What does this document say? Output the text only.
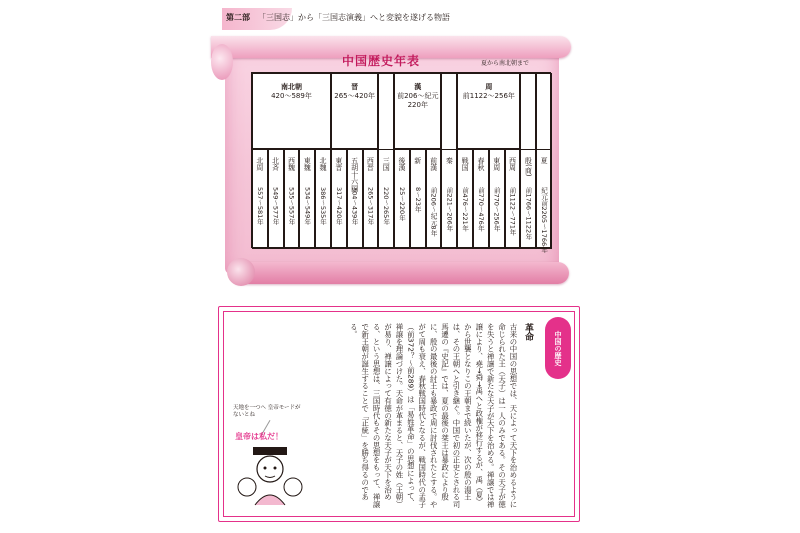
第二部 「三国志」から「三国志演義」へと変貌を遂げる物語
中国歴史年表	夏から南北朝まで
南北朝
420〜589年
晋
265〜420年
漢
前206〜紀元220年
周
前1122〜256年
北周
557〜581年
北斉
549〜577年
西魏
535〜557年
東魏
534〜549年
北魏
386〜535年
東晋
317〜420年
五胡十六国
304〜439年
西晋
265〜317年
三国
220〜265年
後漢
25〜220年
新
8〜23年
前漢
前206〜紀元8年
秦
前221〜206年
戦国
前476〜221年
春秋
前770〜476年
東周
前770〜256年
西周
前1122〜771年
殷(商)
前1766〜1122年
夏
紀元前2205〜1766年
中国の歴史
革命
古来の中国の思想では、天によって天下を治めるように命じられた王（天子）は一人のみである。その天子が徳を失うと禅譲で新たな天子が天下を治める。禅譲では禅譲により、堯→舜→禹へと政権が移行するが、禹（夏）から世襲となりこの王朝まで続いたが、次の殷の湯王は、その王朝へと引き継ぐ。中国で初の正史とされる司馬遷の『史記』では、夏の最後の桀王は暴政により殷に、殷の最後の紂王も暴政で周に討伐されたとする。やがて周も衰え、春秋戦国時代となるが、戦国時代の孟子（前372？〜前289）は「易姓革命」の思想によって、禅譲を理論づけた。天命が革まると、天子の姓（王朝）が易り、禅譲によって有徳の新たな天子が天下を治める、という思想は、三国時代もその思想をもって、禅譲で新王朝が誕生することで「正統」を勝ち得るのである。
天地を一つへ 皇帝モードがないとね
皇帝は私だ！
